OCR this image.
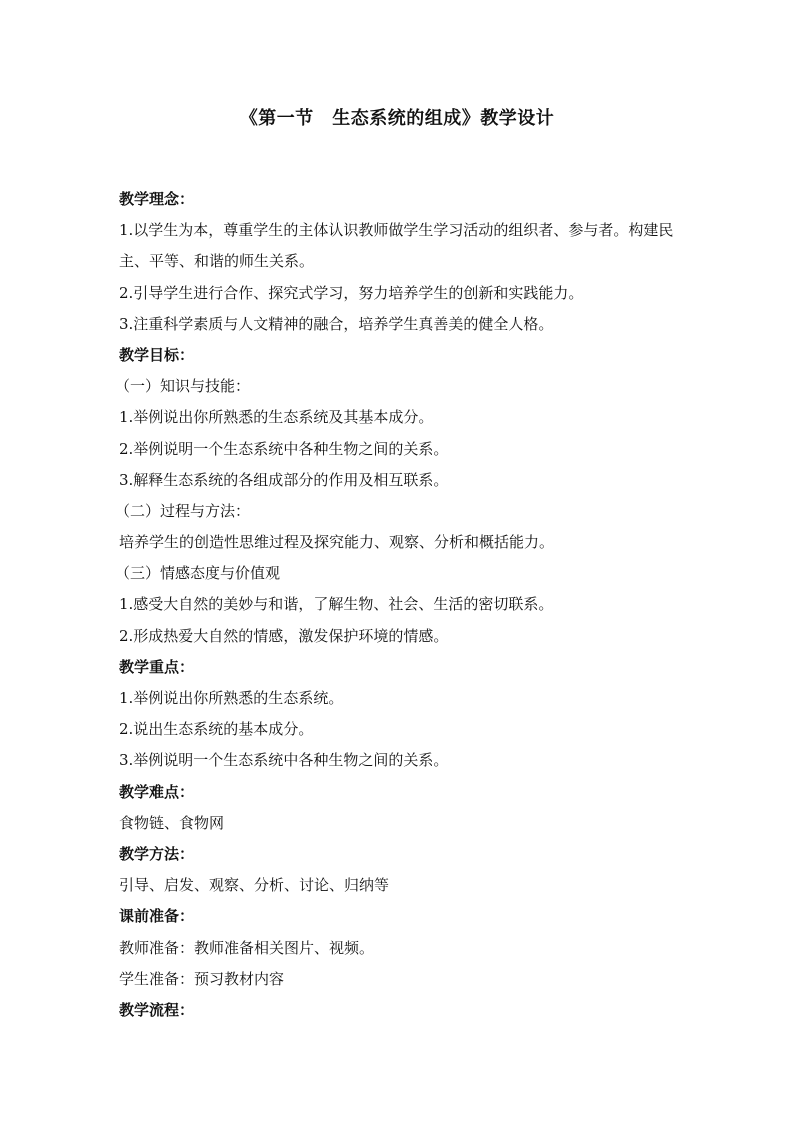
《第一节　生态系统的组成》教学设计
教学理念：
1.以学生为本，尊重学生的主体认识教师做学生学习活动的组织者、参与者。构建民主、平等、和谐的师生关系。
2.引导学生进行合作、探究式学习，努力培养学生的创新和实践能力。
3.注重科学素质与人文精神的融合，培养学生真善美的健全人格。
教学目标：
（一）知识与技能：
1.举例说出你所熟悉的生态系统及其基本成分。
2.举例说明一个生态系统中各种生物之间的关系。
3.解释生态系统的各组成部分的作用及相互联系。
（二）过程与方法：
培养学生的创造性思维过程及探究能力、观察、分析和概括能力。
（三）情感态度与价值观
1.感受大自然的美妙与和谐，了解生物、社会、生活的密切联系。
2.形成热爱大自然的情感，激发保护环境的情感。
教学重点：
1.举例说出你所熟悉的生态系统。
2.说出生态系统的基本成分。
3.举例说明一个生态系统中各种生物之间的关系。
教学难点：
食物链、食物网
教学方法：
引导、启发、观察、分析、讨论、归纳等
课前准备：
教师准备：教师准备相关图片、视频。
学生准备：预习教材内容
教学流程：
